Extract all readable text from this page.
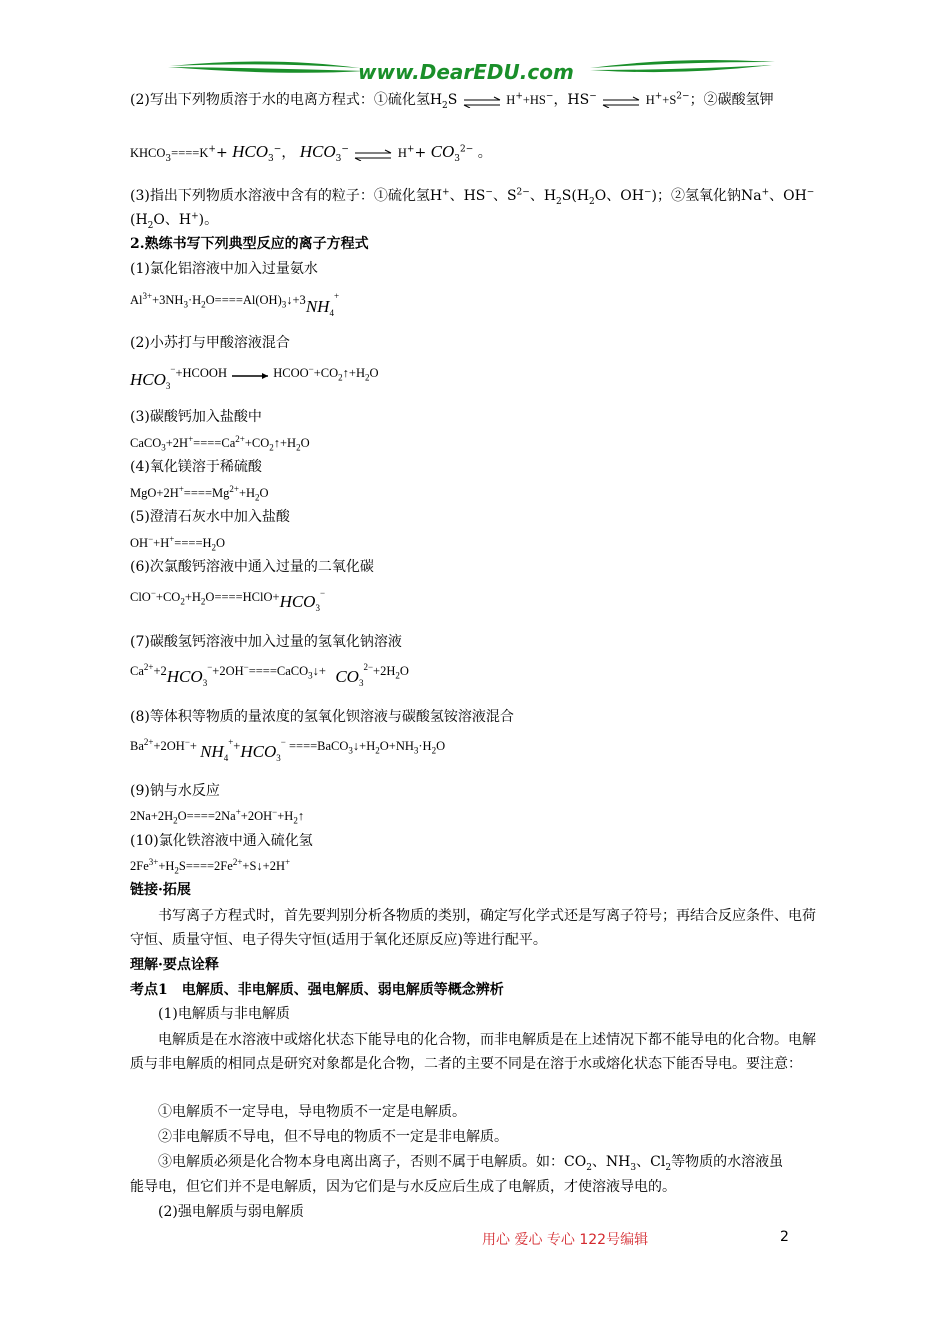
www.DearEDU.com
(2)写出下列物质溶于水的电离方程式：①硫化氢$H_2S$ ⇌ H++HS−，HS− ⇌ $H^++S^{2-}$；②碳酸氢钾
$KHCO_3====K^++ HCO_3^-$， $HCO_3^-$ ⇌ $H^++ CO_3^{2-}$ 。
(3)指出下列物质水溶液中含有的粒子：①硫化氢H+、HS−、$S^{2-}$、$H_2S(H_2O$、OH−)；②氢氧化钠Na+、OH−
($H_2O$、H+)。
2.熟练书写下列典型反应的离子方程式
(1)氯化铝溶液中加入过量氨水
$Al^{3+}+3NH_3\cdot H_2O====Al(OH)_3↓+3NH_4^+$
(2)小苏打与甲酸溶液混合
$HCO_3^-+HCOOH$	$HCOO^-+CO_2↑+H_2O$
(3)碳酸钙加入盐酸中
$CaCO_3+2H^+====Ca^{2+}+CO_2↑+H_2O$
(4)氧化镁溶于稀硫酸
$MgO+2H^+====Mg^{2+}+H_2O$
(5)澄清石灰水中加入盐酸
$OH^-+H^+====H_2O$
(6)次氯酸钙溶液中通入过量的二氧化碳
$ClO^-+CO_2+H_2O====HClO+HCO_3^-$
(7)碳酸氢钙溶液中加入过量的氢氧化钠溶液
$Ca^{2+}+2HCO_3^-+2OH^-====CaCO_3↓+ CO_3^{2-}+2H_2O$
(8)等体积等物质的量浓度的氢氧化钡溶液与碳酸氢铵溶液混合
$Ba^{2+}+2OH^-+ NH_4^++HCO_3^-$ $====BaCO_3↓+H_2O+NH_3\cdot H_2O$
(9)钠与水反应
$2Na+2H_2O====2Na^++2OH^-+H_2↑$
(10)氯化铁溶液中通入硫化氢
$2Fe^{3+}+H_2S====2Fe^{2+}+S↓+2H^+$
链接·拓展
书写离子方程式时，首先要判别分析各物质的类别，确定写化学式还是写离子符号；再结合反应条件、电荷守恒、质量守恒、电子得失守恒(适用于氧化还原反应)等进行配平。
理解·要点诠释
考点1　电解质、非电解质、强电解质、弱电解质等概念辨析
(1)电解质与非电解质
电解质是在水溶液中或熔化状态下能导电的化合物，而非电解质是在上述情况下都不能导电的化合物。电解质与非电解质的相同点是研究对象都是化合物，二者的主要不同是在溶于水或熔化状态下能否导电。要注意：
①电解质不一定导电，导电物质不一定是电解质。
②非电解质不导电，但不导电的物质不一定是非电解质。
③电解质必须是化合物本身电离出离子，否则不属于电解质。如：$CO_2$、$NH_3$、$Cl_2$等物质的水溶液虽
能导电，但它们并不是电解质，因为它们是与水反应后生成了电解质，才使溶液导电的。
(2)强电解质与弱电解质
用心 爱心 专心 122号编辑	2
